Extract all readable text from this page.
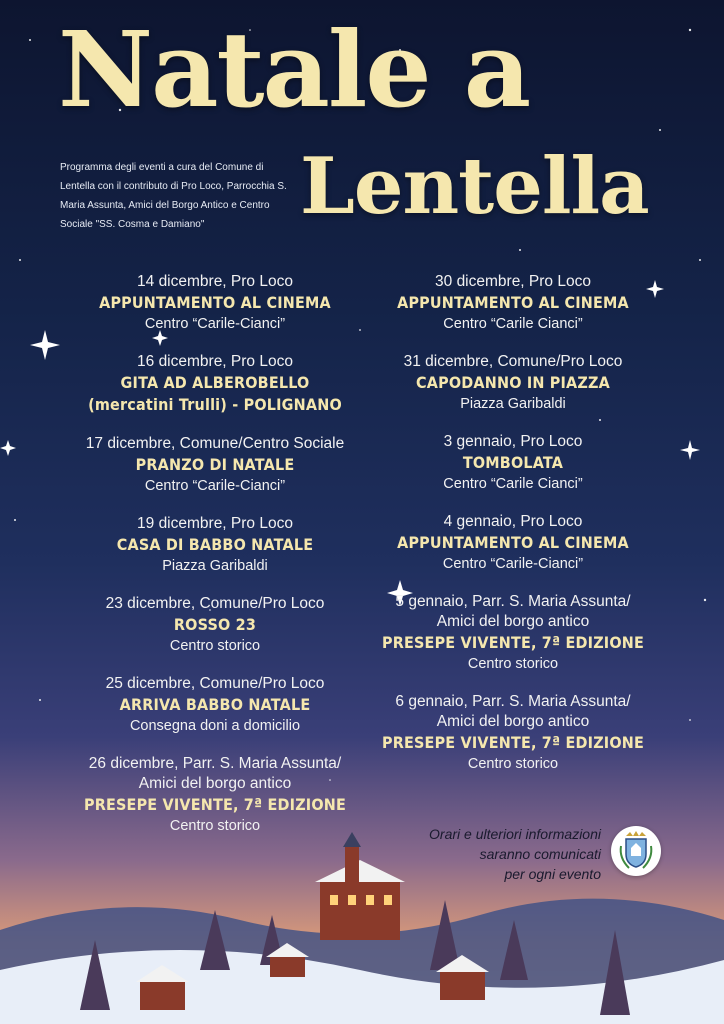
Natale a
Lentella
Programma degli eventi a cura del Comune di Lentella con il contributo di Pro Loco, Parrocchia S. Maria Assunta, Amici del Borgo Antico e Centro Sociale "SS. Cosma e Damiano"
14 dicembre, Pro Loco
APPUNTAMENTO AL CINEMA
Centro “Carile-Cianci”
16 dicembre, Pro Loco
GITA AD ALBEROBELLO
(mercatini Trulli) - POLIGNANO
17 dicembre, Comune/Centro Sociale
PRANZO DI NATALE
Centro “Carile-Cianci”
19 dicembre, Pro Loco
CASA DI BABBO NATALE
Piazza Garibaldi
23 dicembre, Comune/Pro Loco
ROSSO 23
Centro storico
25 dicembre, Comune/Pro Loco
ARRIVA BABBO NATALE
Consegna doni a domicilio
26 dicembre, Parr. S. Maria Assunta/
Amici del borgo antico
PRESEPE VIVENTE, 7ª EDIZIONE
Centro storico
30 dicembre, Pro Loco
APPUNTAMENTO AL CINEMA
Centro “Carile Cianci”
31 dicembre, Comune/Pro Loco
CAPODANNO IN PIAZZA
Piazza Garibaldi
3 gennaio, Pro Loco
TOMBOLATA
Centro “Carile Cianci”
4 gennaio, Pro Loco
APPUNTAMENTO AL CINEMA
Centro “Carile-Cianci”
5 gennaio, Parr. S. Maria Assunta/
Amici del borgo antico
PRESEPE VIVENTE, 7ª EDIZIONE
Centro storico
6 gennaio, Parr. S. Maria Assunta/
Amici del borgo antico
PRESEPE VIVENTE, 7ª EDIZIONE
Centro storico
Orari e ulteriori informazioni
saranno comunicati
per ogni evento
